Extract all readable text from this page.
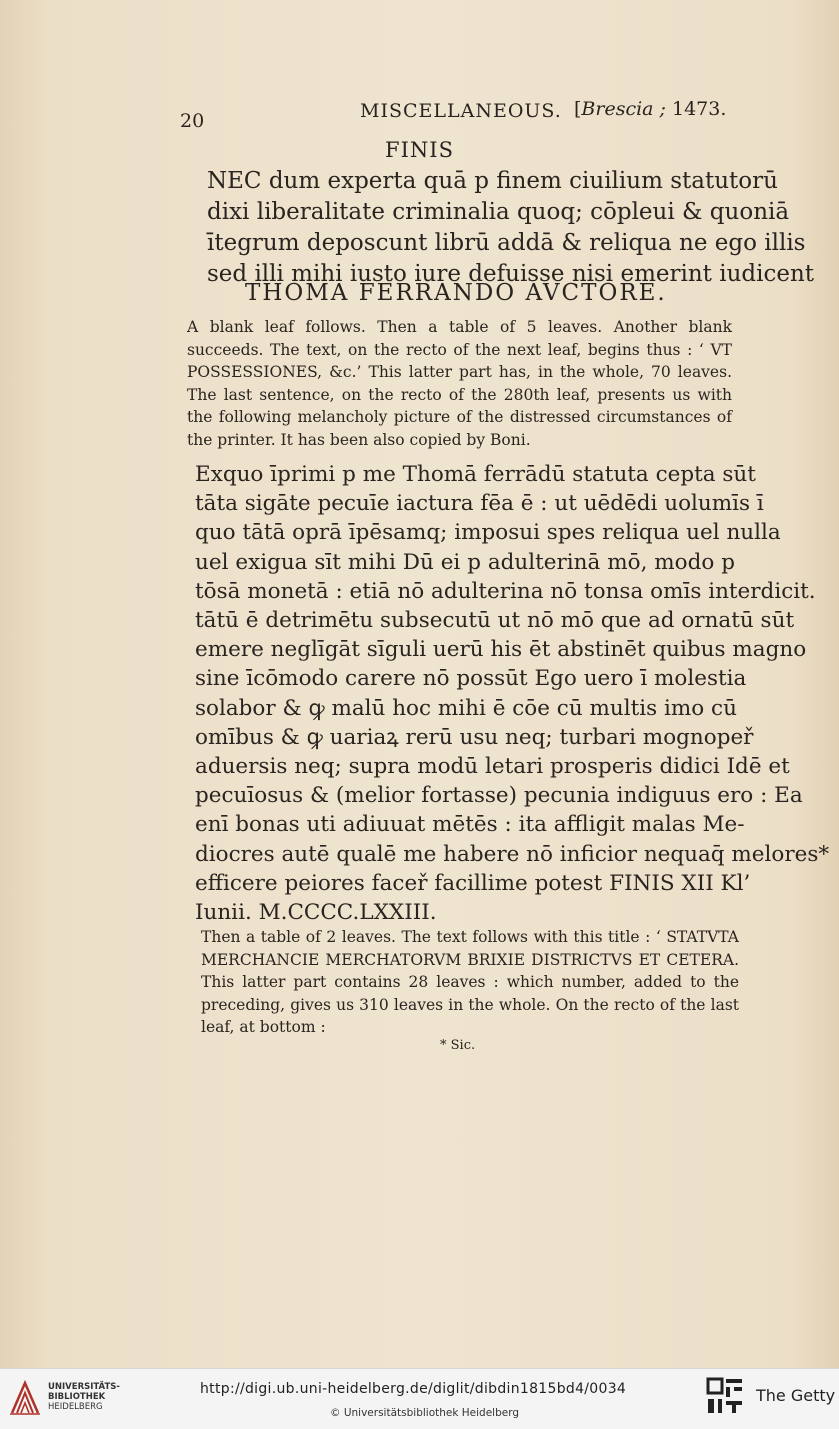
20	MISCELLANEOUS. [Brescia ; 1473.
FINIS
NEC dum experta quā p finem ciuilium statutorū
dixi liberalitate criminalia quoq; cōpleui & quoniā
ītegrum deposcunt librū addā & reliqua ne ego illis
sed illi mihi iusto iure defuisse nisi emerint iudicent
THOMA FERRANDO AVCTORE.
A blank leaf follows. Then a table of 5 leaves. Another blank succeeds. The text, on the recto of the next leaf, begins thus : ‘ VT POSSESSIONES, &c.’ This latter part has, in the whole, 70 leaves. The last sentence, on the recto of the 280th leaf, presents us with the following melancholy picture of the distressed circumstances of the printer. It has been also copied by Boni.
Exquo īprimi p me Thomā ferrādū statuta cepta sūt
tāta sigāte pecuīe iactura fēa ē : ut uēdēdi uolumīs ī
quo tātā oprā īpēsamq; imposui spes reliqua uel nulla
uel exigua sīt mihi Dū ei p adulterinā mō, modo p
tōsā monetā : etiā nō adulterina nō tonsa omīs interdicit.
tātū ē detrimētu subsecutū ut nō mō que ad ornatū sūt
emere neglīgāt sīguli uerū his ēt abstinēt quibus magno
sine īcōmodo carere nō possūt Ego uero ī molestia
solabor & ꝙ malū hoc mihi ē cōe cū multis imo cū
omībus & ꝙ uariaꝝ rerū usu neq; turbari mognopeř
aduersis neq; supra modū letari prosperis didici Idē et
pecuīosus & (melior fortasse) pecunia indiguus ero : Ea
enī bonas uti adiuuat mētēs : ita affligit malas Me-
diocres autē qualē me habere nō inficior nequaq̄ melores*
efficere peiores faceř facillime potest FINIS XII Kl’
Iunii. M.CCCC.LXXIII.
Then a table of 2 leaves. The text follows with this title : ‘ STATVTA MERCHANCIE MERCHATORVM BRIXIE DISTRICTVS ET CETERA. This latter part contains 28 leaves : which number, added to the preceding, gives us 310 leaves in the whole. On the recto of the last leaf, at bottom :
* Sic.
UNIVERSITÄTS-
BIBLIOTHEK
HEIDELBERG
http://digi.ub.uni-heidelberg.de/diglit/dibdin1815bd4/0034
© Universitätsbibliothek Heidelberg
The Getty
